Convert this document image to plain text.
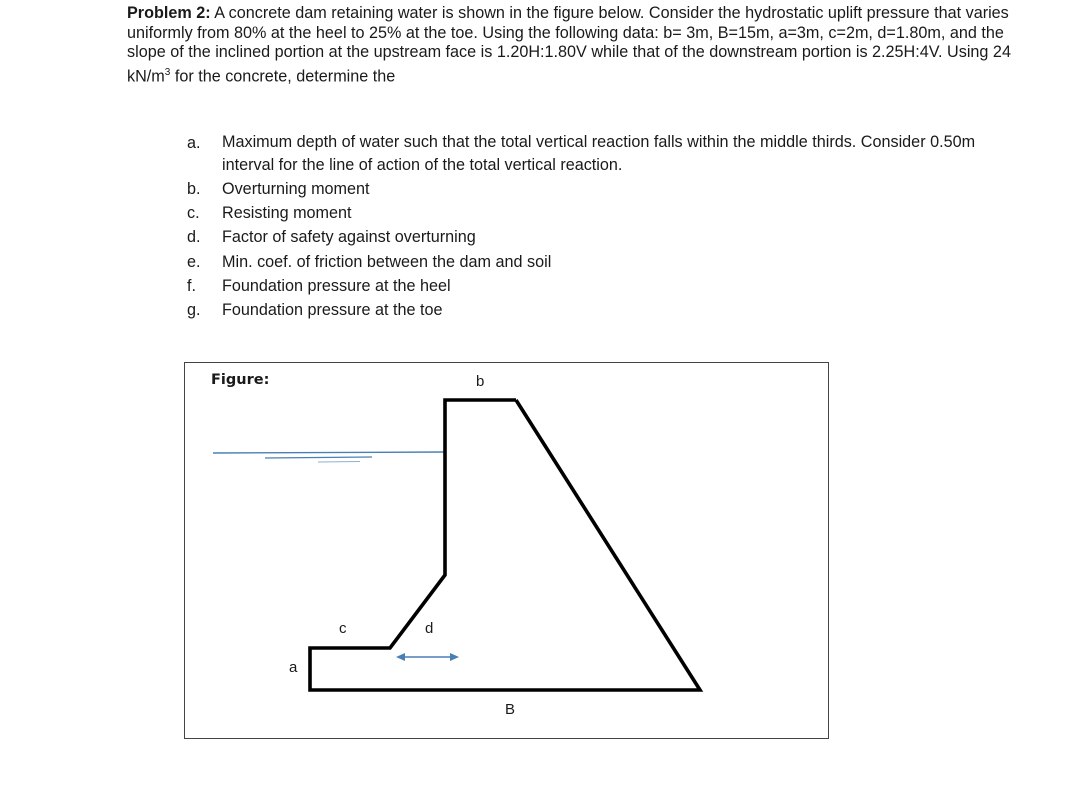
Problem 2: A concrete dam retaining water is shown in the figure below. Consider the hydrostatic uplift pressure that varies uniformly from 80% at the heel to 25% at the toe. Using the following data: b= 3m, B=15m, a=3m, c=2m, d=1.80m, and the slope of the inclined portion at the upstream face is 1.20H:1.80V while that of the downstream portion is 2.25H:4V. Using 24 $kN/m^3$ for the concrete, determine the

a. Maximum depth of water such that the total vertical reaction falls within the middle thirds. Consider 0.50m interval for the line of action of the total vertical reaction.
b. Overturning moment
c. Resisting moment
d. Factor of safety against overturning
e. Min. coef. of friction between the dam and soil
f. Foundation pressure at the heel
g. Foundation pressure at the toe
Figure:	b
c	d
a
B
